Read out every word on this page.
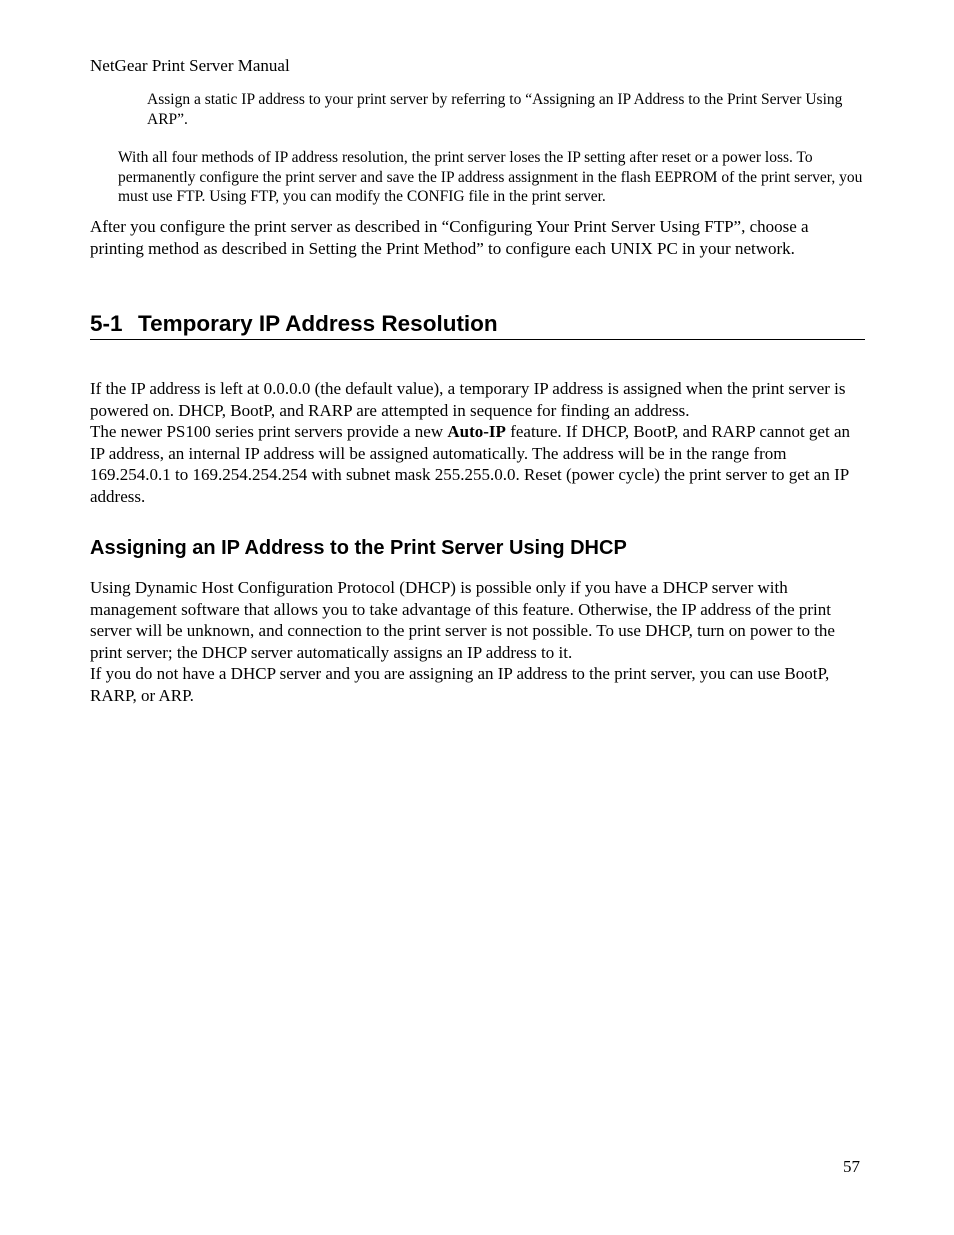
NetGear Print Server Manual

Assign a static IP address to your print server by referring to “Assigning an IP Address to the Print Server Using ARP”.

With all four methods of IP address resolution, the print server loses the IP setting after reset or a power loss. To permanently configure the print server and save the IP address assignment in the flash EEPROM of the print server, you must use FTP. Using FTP, you can modify the CONFIG file in the print server.

After you configure the print server as described in “Configuring Your Print Server Using FTP”, choose a printing method as described in Setting the Print Method” to configure each UNIX PC in your network.

5-1 Temporary IP Address Resolution

If the IP address is left at 0.0.0.0 (the default value), a temporary IP address is assigned when the print server is powered on. DHCP, BootP, and RARP are attempted in sequence for finding an address.

The newer PS100 series print servers provide a new Auto-IP feature. If DHCP, BootP, and RARP cannot get an IP address, an internal IP address will be assigned automatically. The address will be in the range from 169.254.0.1 to 169.254.254.254 with subnet mask 255.255.0.0. Reset (power cycle) the print server to get an IP address.

Assigning an IP Address to the Print Server Using DHCP

Using Dynamic Host Configuration Protocol (DHCP) is possible only if you have a DHCP server with management software that allows you to take advantage of this feature. Otherwise, the IP address of the print server will be unknown, and connection to the print server is not possible. To use DHCP, turn on power to the print server; the DHCP server automatically assigns an IP address to it.

If you do not have a DHCP server and you are assigning an IP address to the print server, you can use BootP, RARP, or ARP.

57
